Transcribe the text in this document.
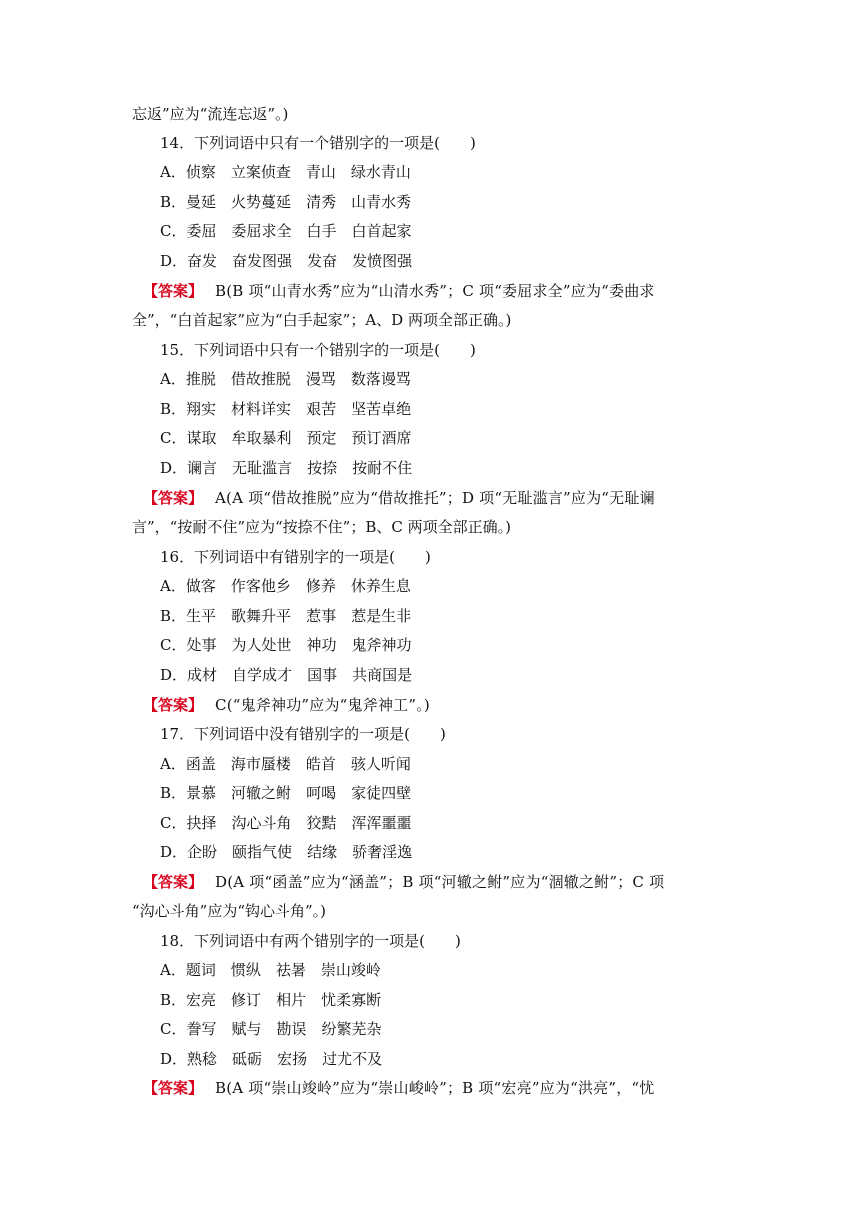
忘返”应为“流连忘返”。)
14．下列词语中只有一个错别字的一项是(　　)
A．侦察 立案侦查 青山 绿水青山
B．曼延 火势蔓延 清秀 山青水秀
C．委屈 委屈求全 白手 白首起家
D．奋发 奋发图强 发奋 发愤图强
【答案】 B(B 项“山青水秀”应为“山清水秀”；C 项“委屈求全”应为“委曲求
全”，“白首起家”应为“白手起家”；A、D 两项全部正确。)
15．下列词语中只有一个错别字的一项是(　　)
A．推脱 借故推脱 漫骂 数落谩骂
B．翔实 材料详实 艰苦 坚苦卓绝
C．谋取 牟取暴利 预定 预订酒席
D．谰言 无耻滥言 按捺 按耐不住
【答案】 A(A 项“借故推脱”应为“借故推托”；D 项“无耻滥言”应为“无耻谰
言”，“按耐不住”应为“按捺不住”；B、C 两项全部正确。)
16．下列词语中有错别字的一项是(　　)
A．做客 作客他乡 修养 休养生息
B．生平 歌舞升平 惹事 惹是生非
C．处事 为人处世 神功 鬼斧神功
D．成材 自学成才 国事 共商国是
【答案】 C(“鬼斧神功”应为“鬼斧神工”。)
17．下列词语中没有错别字的一项是(　　)
A．函盖 海市蜃楼 皓首 骇人听闻
B．景慕 河辙之鲋 呵喝 家徒四壁
C．抉择 沟心斗角 狡黠 浑浑噩噩
D．企盼 颐指气使 结缘 骄奢淫逸
【答案】 D(A 项“函盖”应为“涵盖”；B 项“河辙之鲋”应为“涸辙之鲋”；C 项
“沟心斗角”应为“钩心斗角”。)
18．下列词语中有两个错别字的一项是(　　)
A．题词 惯纵 祛暑 崇山竣岭
B．宏亮 修订 相片 忧柔寡断
C．誊写 赋与 勘误 纷繁芜杂
D．熟稔 砥砺 宏扬 过尤不及
【答案】 B(A 项“崇山竣岭”应为“崇山峻岭”；B 项“宏亮”应为“洪亮”，“忧
